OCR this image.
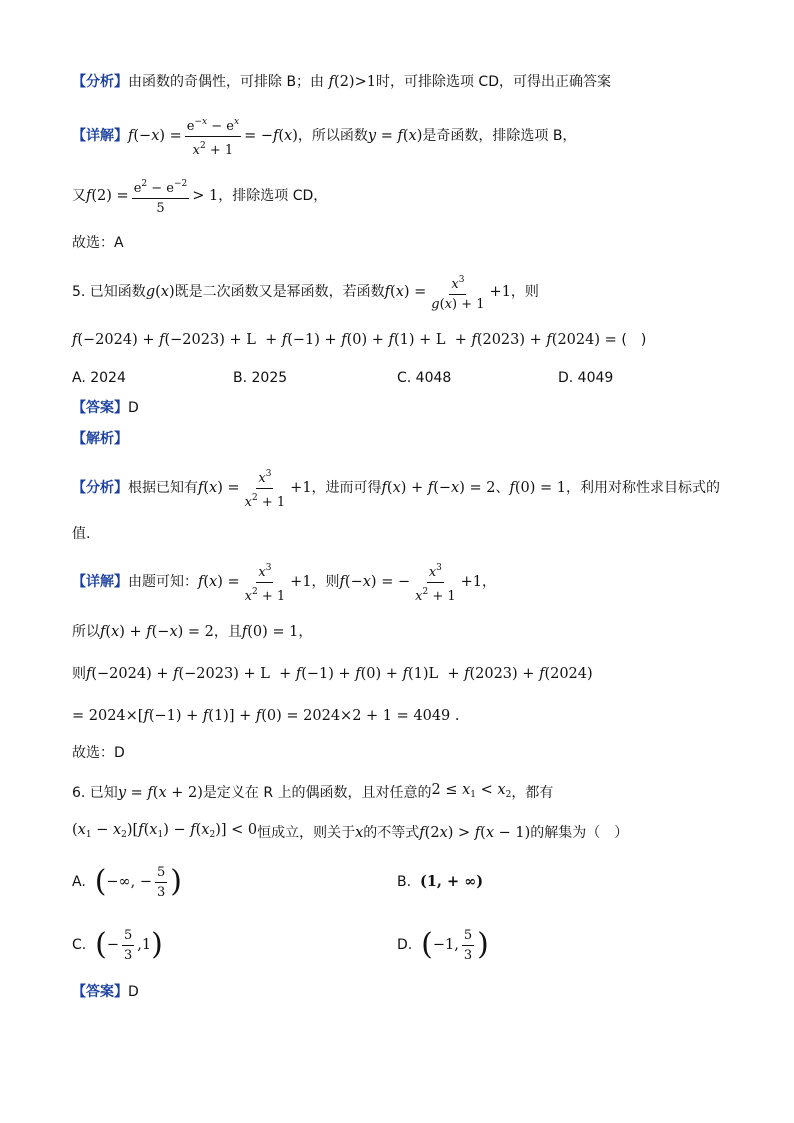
【分析】 由函数的奇偶性，可排除 B；由 f(2)>1 时，可排除选项 CD，可得出正确答案
【详解】 $f(-x) = \frac{e^{-x} - e^x}{x^2 + 1} = -f(x)$ ，所以函数 y = f(x) 是奇函数，排除选项 B，
又 $f(2) = \frac{e^2 - e^{-2}}{5} > 1$ ，排除选项 CD，
故选：A
5. 已知函数 g(x) 既是二次函数又是幂函数，若函数 $f(x) = \frac{x^3}{g(x) + 1} +1$ ，则
f(−2024) + f(−2023) + L  + f(−1) + f(0) + f(1) + L  + f(2023) + f(2024) = (　)
A. 2024	B. 2025	C. 4048	D. 4049
【答案】 D
【解析】
【分析】 根据已知有 $f(x) = \frac{x^3}{x^2 + 1} +1$ ，进而可得 f(x) + f(−x) = 2 、 f(0) = 1 ，利用对称性求目标式的
值.
【详解】 由题可知： $f(x) = \frac{x^3}{x^2 + 1} +1$ ，则 f(−x) = − $\frac{x^3}{x^2 + 1} +1$ ，
所以 f(x) + f(−x) = 2 ，且 f(0) = 1 ，
则 f(−2024) + f(−2023) + L  + f(−1) + f(0) + f(1)L  + f(2023) + f(2024)
= 2024×[f(−1) + f(1)] + f(0) = 2024×2 + 1 = 4049 .
故选：D
6. 已知 y = f(x + 2) 是定义在 R 上的偶函数，且对任意的 $2 \le x_1 < x_2$ ，都有
$(x_1 - x_2)[f(x_1) - f(x_2)] < 0$ 恒成立，则关于 x 的不等式 f(2x) > f(x − 1) 的解集为（　）
A.
( −∞, − $\frac{5}{3}$ )	B.
(1, + ∞)
C.
( − $\frac{5}{3} ,1$ )	D.
( −1, $\frac{5}{3}$ )
【答案】 D
